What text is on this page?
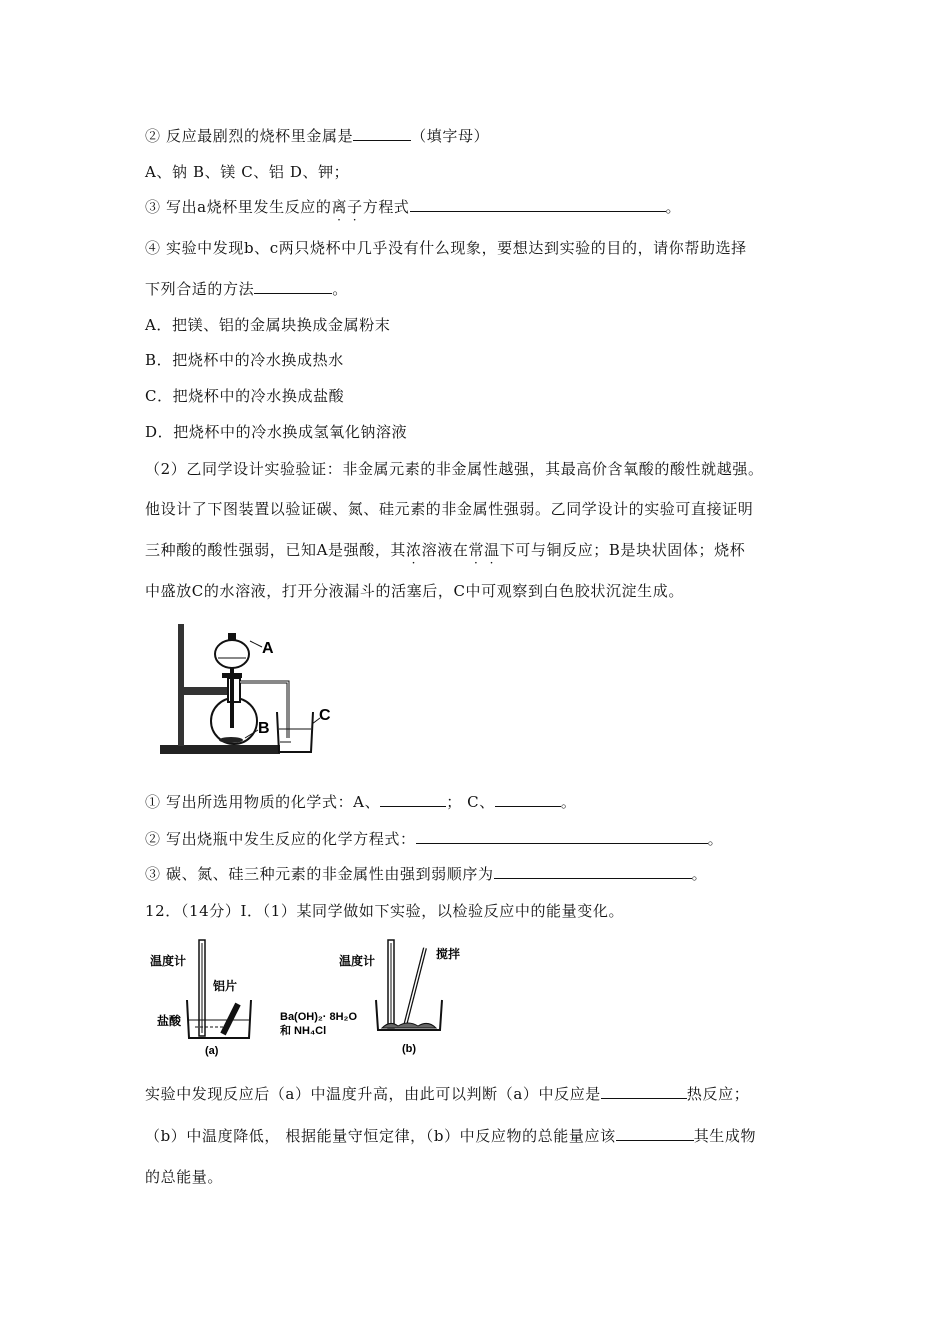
② 反应最剧烈的烧杯里金属是	（填字母）
A、钠 B、镁 C、铝 D、钾；
③ 写出a烧杯里发生反应的离子方程式	。
④ 实验中发现b、c两只烧杯中几乎没有什么现象，要想达到实验的目的，请你帮助选择
下列合适的方法	。
A．把镁、铝的金属块换成金属粉末
B．把烧杯中的冷水换成热水
C．把烧杯中的冷水换成盐酸
D．把烧杯中的冷水换成氢氧化钠溶液
（2）乙同学设计实验验证：非金属元素的非金属性越强，其最高价含氧酸的酸性就越强。
他设计了下图装置以验证碳、氮、硅元素的非金属性强弱。乙同学设计的实验可直接证明
三种酸的酸性强弱，已知A是强酸，其浓溶液在常温下可与铜反应；B是块状固体；烧杯
中盛放C的水溶液，打开分液漏斗的活塞后，C中可观察到白色胶状沉淀生成。
A
B
C
① 写出所选用物质的化学式：A、	； C、	。
② 写出烧瓶中发生反应的化学方程式：	。
③ 碳、氮、硅三种元素的非金属性由强到弱顺序为	。
12．（14分）I．（1）某同学做如下实验，以检验反应中的能量变化。
温度计
铝片
盐酸
(a)
温度计	搅拌
Ba(OH)₂· 8H₂O
和 NH₄Cl
(b)
实验中发现反应后（a）中温度升高，由此可以判断（a）中反应是	热反应；
（b）中温度降低， 根据能量守恒定律，（b）中反应物的总能量应该	其生成物
的总能量。
